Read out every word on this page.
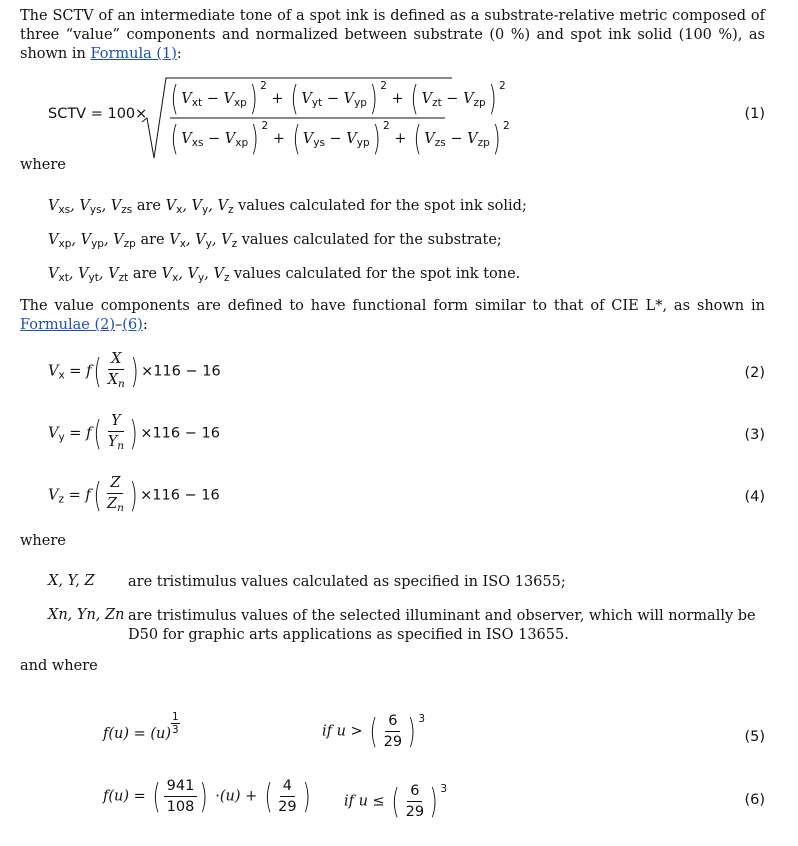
The SCTV of an intermediate tone of a spot ink is defined as a substrate-relative metric composed of three “value” components and normalized between substrate (0 %) and spot ink solid (100 %), as shown in Formula (1):
SCTV = 100× ( $V_{xt} - V_{xp}$) $^2$ + ( $V_{yt} - V_{yp}$) $^2$ + ( $V_{zt} - V_{zp}$) $^2$
( $V_{xs} - V_{xp}$) $^2$ + ( $V_{ys} - V_{yp}$) $^2$ + ( $V_{zs} - V_{zp}$) $^2$
(1)
where
$V_{xs}$, $V_{ys}$, $V_{zs}$ are $V_x$, $V_y$, $V_z$ values calculated for the spot ink solid;
$V_{xp}$, $V_{yp}$, $V_{zp}$ are $V_x$, $V_y$, $V_z$ values calculated for the substrate;
$V_{xt}$, $V_{yt}$, $V_{zt}$ are $V_x$, $V_y$, $V_z$ values calculated for the spot ink tone.
The value components are defined to have functional form similar to that of CIE L*, as shown in Formulae (2)–(6):
$V_x = f( \frac{X}{X_n}$ ) ×116 − 16	(2)
$V_y = f( \frac{Y}{Y_n}$ ) ×116 − 16	(3)
$V_z = f( \frac{Z}{Z_n}$ ) ×116 − 16	(4)
where
X, Y, Z	are tristimulus values calculated as specified in ISO 13655;
Xn, Yn, Zn are tristimulus values of the selected illuminant and observer, which will normally be D50 for graphic arts applications as specified in ISO 13655.
and where
$f(u) = (u) \frac{1}{3}$	if u > ( $\frac{6}{29}$ ) $^3$
(5)
f(u) = ( $\frac{941}{108}$ ) ·(u) + ( $\frac{4}{29}$ ) if u ≤ ( $\frac{6}{29}$ ) $^3$
(6)
